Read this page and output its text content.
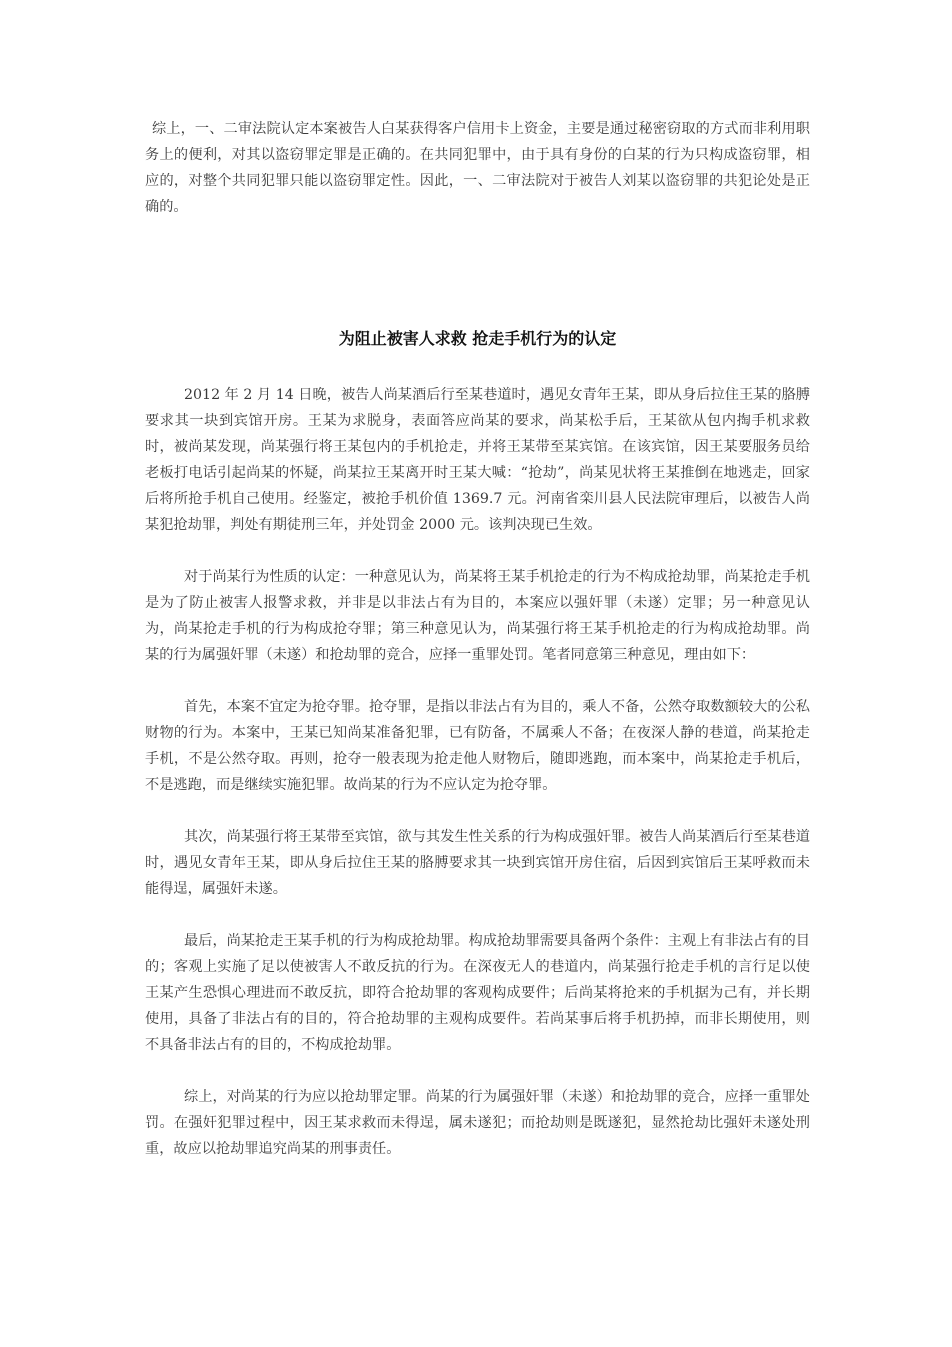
综上，一、二审法院认定本案被告人白某获得客户信用卡上资金，主要是通过秘密窃取的方式而非利用职务上的便利，对其以盗窃罪定罪是正确的。在共同犯罪中，由于具有身份的白某的行为只构成盗窃罪，相应的，对整个共同犯罪只能以盗窃罪定性。因此，一、二审法院对于被告人刘某以盗窃罪的共犯论处是正确的。

为阻止被害人求救 抢走手机行为的认定

2012 年 2 月 14 日晚，被告人尚某酒后行至某巷道时，遇见女青年王某，即从身后拉住王某的胳膊要求其一块到宾馆开房。王某为求脱身，表面答应尚某的要求，尚某松手后，王某欲从包内掏手机求救时，被尚某发现，尚某强行将王某包内的手机抢走，并将王某带至某宾馆。在该宾馆，因王某要服务员给老板打电话引起尚某的怀疑，尚某拉王某离开时王某大喊：“抢劫”，尚某见状将王某推倒在地逃走，回家后将所抢手机自己使用。经鉴定，被抢手机价值 1369.7 元。河南省栾川县人民法院审理后，以被告人尚某犯抢劫罪，判处有期徒刑三年，并处罚金 2000 元。该判决现已生效。

对于尚某行为性质的认定：一种意见认为，尚某将王某手机抢走的行为不构成抢劫罪，尚某抢走手机是为了防止被害人报警求救，并非是以非法占有为目的，本案应以强奸罪（未遂）定罪；另一种意见认为，尚某抢走手机的行为构成抢夺罪；第三种意见认为，尚某强行将王某手机抢走的行为构成抢劫罪。尚某的行为属强奸罪（未遂）和抢劫罪的竞合，应择一重罪处罚。笔者同意第三种意见，理由如下：

首先，本案不宜定为抢夺罪。抢夺罪，是指以非法占有为目的，乘人不备，公然夺取数额较大的公私财物的行为。本案中，王某已知尚某准备犯罪，已有防备，不属乘人不备；在夜深人静的巷道，尚某抢走手机，不是公然夺取。再则，抢夺一般表现为抢走他人财物后，随即逃跑，而本案中，尚某抢走手机后，不是逃跑，而是继续实施犯罪。故尚某的行为不应认定为抢夺罪。

其次，尚某强行将王某带至宾馆，欲与其发生性关系的行为构成强奸罪。被告人尚某酒后行至某巷道时，遇见女青年王某，即从身后拉住王某的胳膊要求其一块到宾馆开房住宿，后因到宾馆后王某呼救而未能得逞，属强奸未遂。

最后，尚某抢走王某手机的行为构成抢劫罪。构成抢劫罪需要具备两个条件：主观上有非法占有的目的；客观上实施了足以使被害人不敢反抗的行为。在深夜无人的巷道内，尚某强行抢走手机的言行足以使王某产生恐惧心理进而不敢反抗，即符合抢劫罪的客观构成要件；后尚某将抢来的手机据为己有，并长期使用，具备了非法占有的目的，符合抢劫罪的主观构成要件。若尚某事后将手机扔掉，而非长期使用，则不具备非法占有的目的，不构成抢劫罪。

综上，对尚某的行为应以抢劫罪定罪。尚某的行为属强奸罪（未遂）和抢劫罪的竞合，应择一重罪处罚。在强奸犯罪过程中，因王某求救而未得逞，属未遂犯；而抢劫则是既遂犯，显然抢劫比强奸未遂处刑重，故应以抢劫罪追究尚某的刑事责任。
